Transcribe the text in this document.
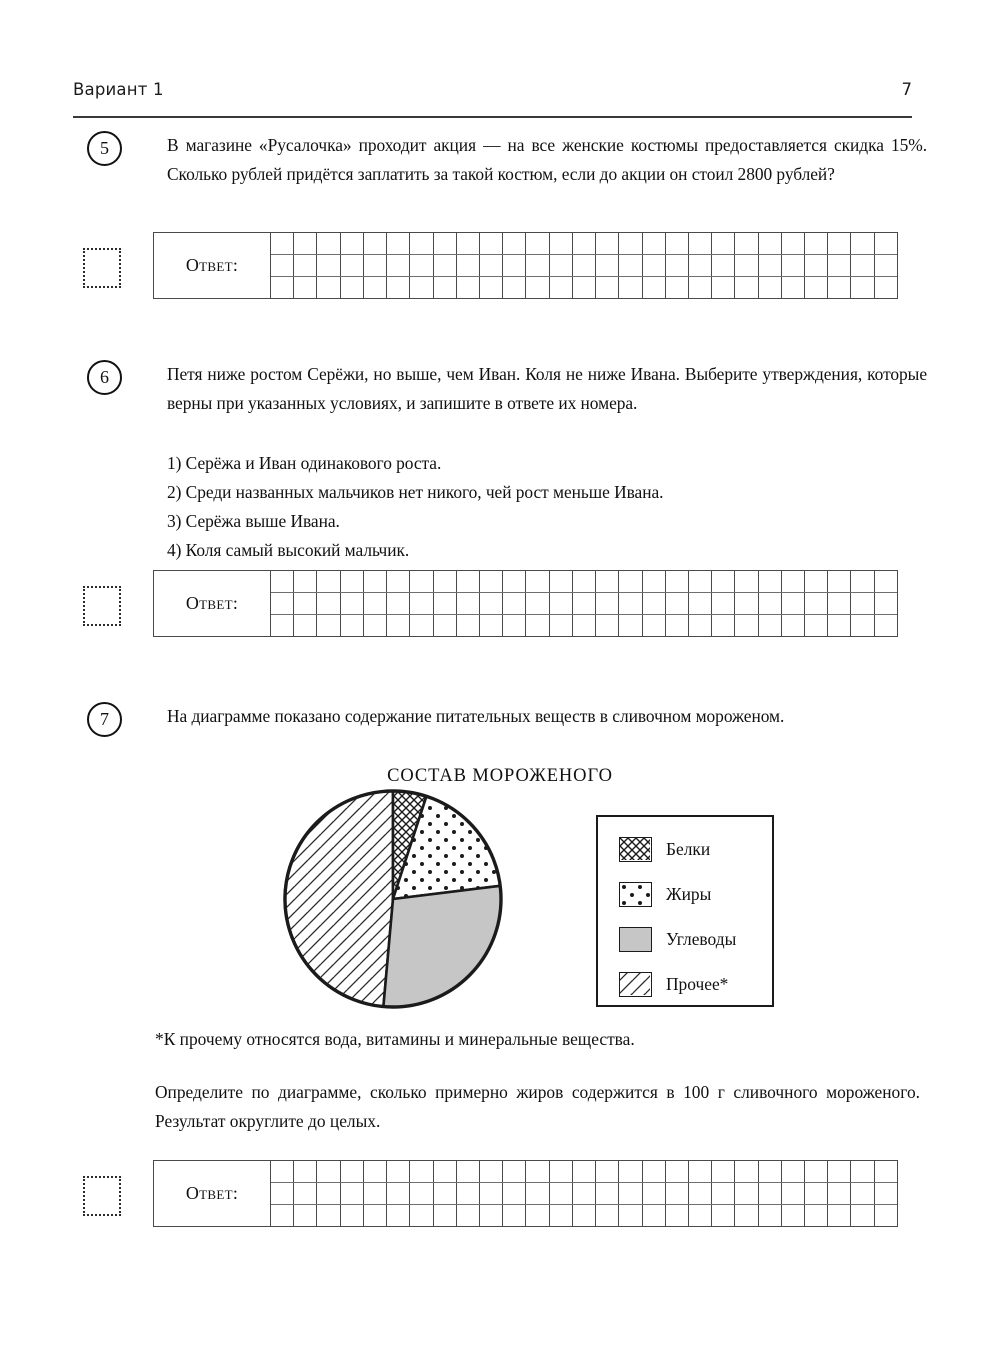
Вариант 1	7
5	В магазине «Русалочка» проходит акция — на все женские костюмы предоставляется скидка 15%. Сколько рублей придётся заплатить за такой костюм, если до акции он стоил 2800 рублей?
Ответ:
6	Петя ниже ростом Серёжи, но выше, чем Иван. Коля не ниже Ивана. Выберите утверждения, которые верны при указанных условиях, и запишите в ответе их номера.
1) Серёжа и Иван одинакового роста.
2) Среди названных мальчиков нет никого, чей рост меньше Ивана.
3) Серёжа выше Ивана.
4) Коля самый высокий мальчик.
Ответ:
7	На диаграмме показано содержание питательных веществ в сливочном мороженом.
СОСТАВ МОРОЖЕНОГО
Белки
Жиры
Углеводы
Прочее*
*К прочему относятся вода, витамины и минеральные вещества.
Определите по диаграмме, сколько примерно жиров содержится в 100 г сливочного мороженого. Результат округлите до целых.
Ответ:
